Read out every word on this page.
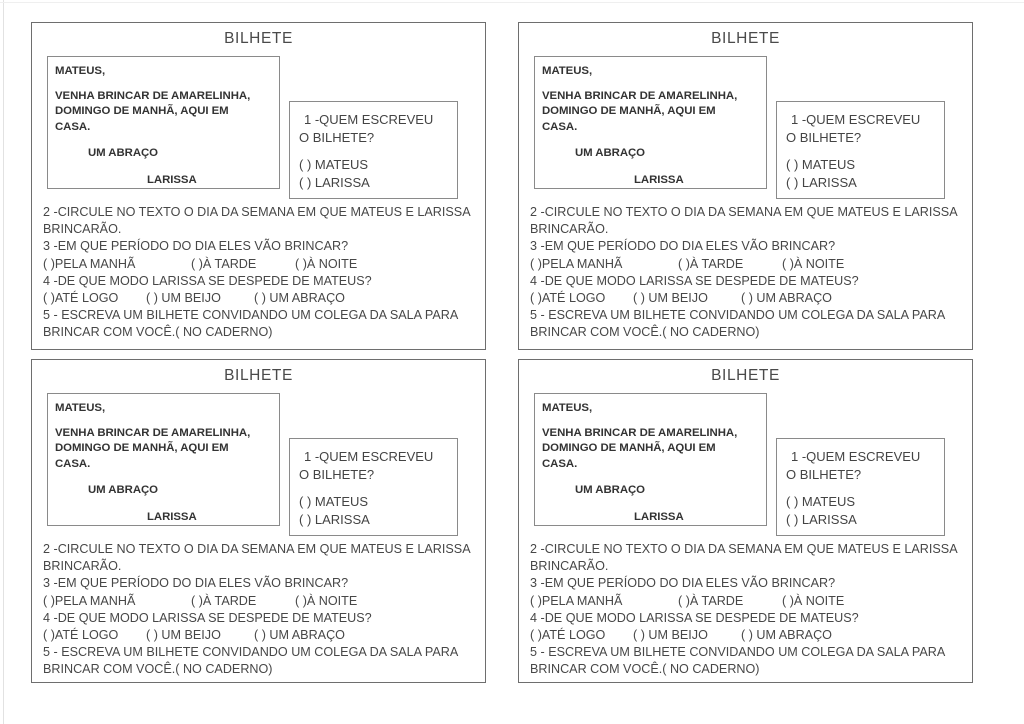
BILHETE
MATEUS,
VENHA BRINCAR DE AMARELINHA,
DOMINGO DE MANHÃ, AQUI EM
CASA.
UM ABRAÇO
LARISSA
1 -QUEM ESCREVEU
O BILHETE?
( ) MATEUS
( ) LARISSA
2 -CIRCULE NO TEXTO O DIA DA SEMANA EM QUE MATEUS E LARISSA
BRINCARÃO.
3 -EM QUE PERÍODO DO DIA ELES VÃO BRINCAR?
( )PELA MANHÃ	( )À TARDE	( )À NOITE
4 -DE QUE MODO LARISSA SE DESPEDE DE MATEUS?
( )ATÉ LOGO ( ) UM BEIJO	( ) UM ABRAÇO
5 - ESCREVA UM BILHETE CONVIDANDO UM COLEGA DA SALA PARA
BRINCAR COM VOCÊ.( NO CADERNO)
BILHETE
MATEUS,
VENHA BRINCAR DE AMARELINHA,
DOMINGO DE MANHÃ, AQUI EM
CASA.
UM ABRAÇO
LARISSA
1 -QUEM ESCREVEU
O BILHETE?
( ) MATEUS
( ) LARISSA
2 -CIRCULE NO TEXTO O DIA DA SEMANA EM QUE MATEUS E LARISSA
BRINCARÃO.
3 -EM QUE PERÍODO DO DIA ELES VÃO BRINCAR?
( )PELA MANHÃ	( )À TARDE	( )À NOITE
4 -DE QUE MODO LARISSA SE DESPEDE DE MATEUS?
( )ATÉ LOGO ( ) UM BEIJO	( ) UM ABRAÇO
5 - ESCREVA UM BILHETE CONVIDANDO UM COLEGA DA SALA PARA
BRINCAR COM VOCÊ.( NO CADERNO)
BILHETE
MATEUS,
VENHA BRINCAR DE AMARELINHA,
DOMINGO DE MANHÃ, AQUI EM
CASA.
UM ABRAÇO
LARISSA
1 -QUEM ESCREVEU
O BILHETE?
( ) MATEUS
( ) LARISSA
2 -CIRCULE NO TEXTO O DIA DA SEMANA EM QUE MATEUS E LARISSA
BRINCARÃO.
3 -EM QUE PERÍODO DO DIA ELES VÃO BRINCAR?
( )PELA MANHÃ	( )À TARDE	( )À NOITE
4 -DE QUE MODO LARISSA SE DESPEDE DE MATEUS?
( )ATÉ LOGO ( ) UM BEIJO	( ) UM ABRAÇO
5 - ESCREVA UM BILHETE CONVIDANDO UM COLEGA DA SALA PARA
BRINCAR COM VOCÊ.( NO CADERNO)
BILHETE
MATEUS,
VENHA BRINCAR DE AMARELINHA,
DOMINGO DE MANHÃ, AQUI EM
CASA.
UM ABRAÇO
LARISSA
1 -QUEM ESCREVEU
O BILHETE?
( ) MATEUS
( ) LARISSA
2 -CIRCULE NO TEXTO O DIA DA SEMANA EM QUE MATEUS E LARISSA
BRINCARÃO.
3 -EM QUE PERÍODO DO DIA ELES VÃO BRINCAR?
( )PELA MANHÃ	( )À TARDE	( )À NOITE
4 -DE QUE MODO LARISSA SE DESPEDE DE MATEUS?
( )ATÉ LOGO ( ) UM BEIJO	( ) UM ABRAÇO
5 - ESCREVA UM BILHETE CONVIDANDO UM COLEGA DA SALA PARA
BRINCAR COM VOCÊ.( NO CADERNO)
